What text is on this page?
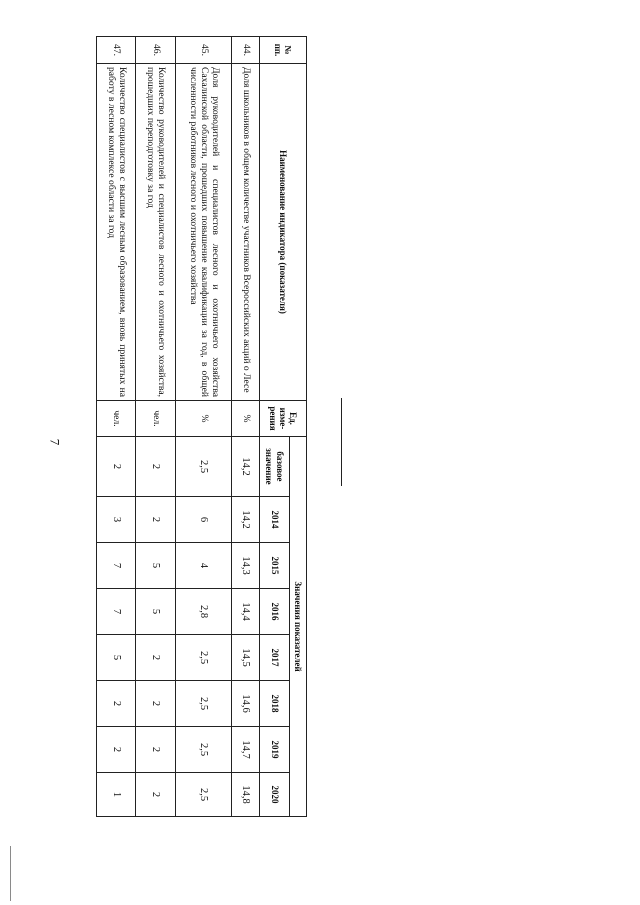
7
№ пп.	Наименование индикатора (показателя)	Ед. изме-рения	Значения показателей							
			базовое значение	2014	2015	2016	2017	2018	2019	2020
44.	Доля школьников в общем количестве участников Всероссийских акций о Лесе	%	14,2	14,2	14,3	14,4	14,5	14,6	14,7	14,8
45.	Доля руководителей и специалистов лесного и охотничьего хозяйства Сахалинской области, прошедших повышение квалификации за год, в общей численности работников лесного и охотничьего хозяйства	%	2,5	6	4	2,8	2,5	2,5	2,5	2,5
46.	Количество руководителей и специалистов лесного и охотничьего хозяйства, прошедших переподготовку за год	чел.	2	2	5	5	2	2	2	2
47.	Количество специалистов с высшим лесным образованием, вновь принятых на работу в лесном комплексе области за год	чел.	2	3	7	7	5	2	2	1
